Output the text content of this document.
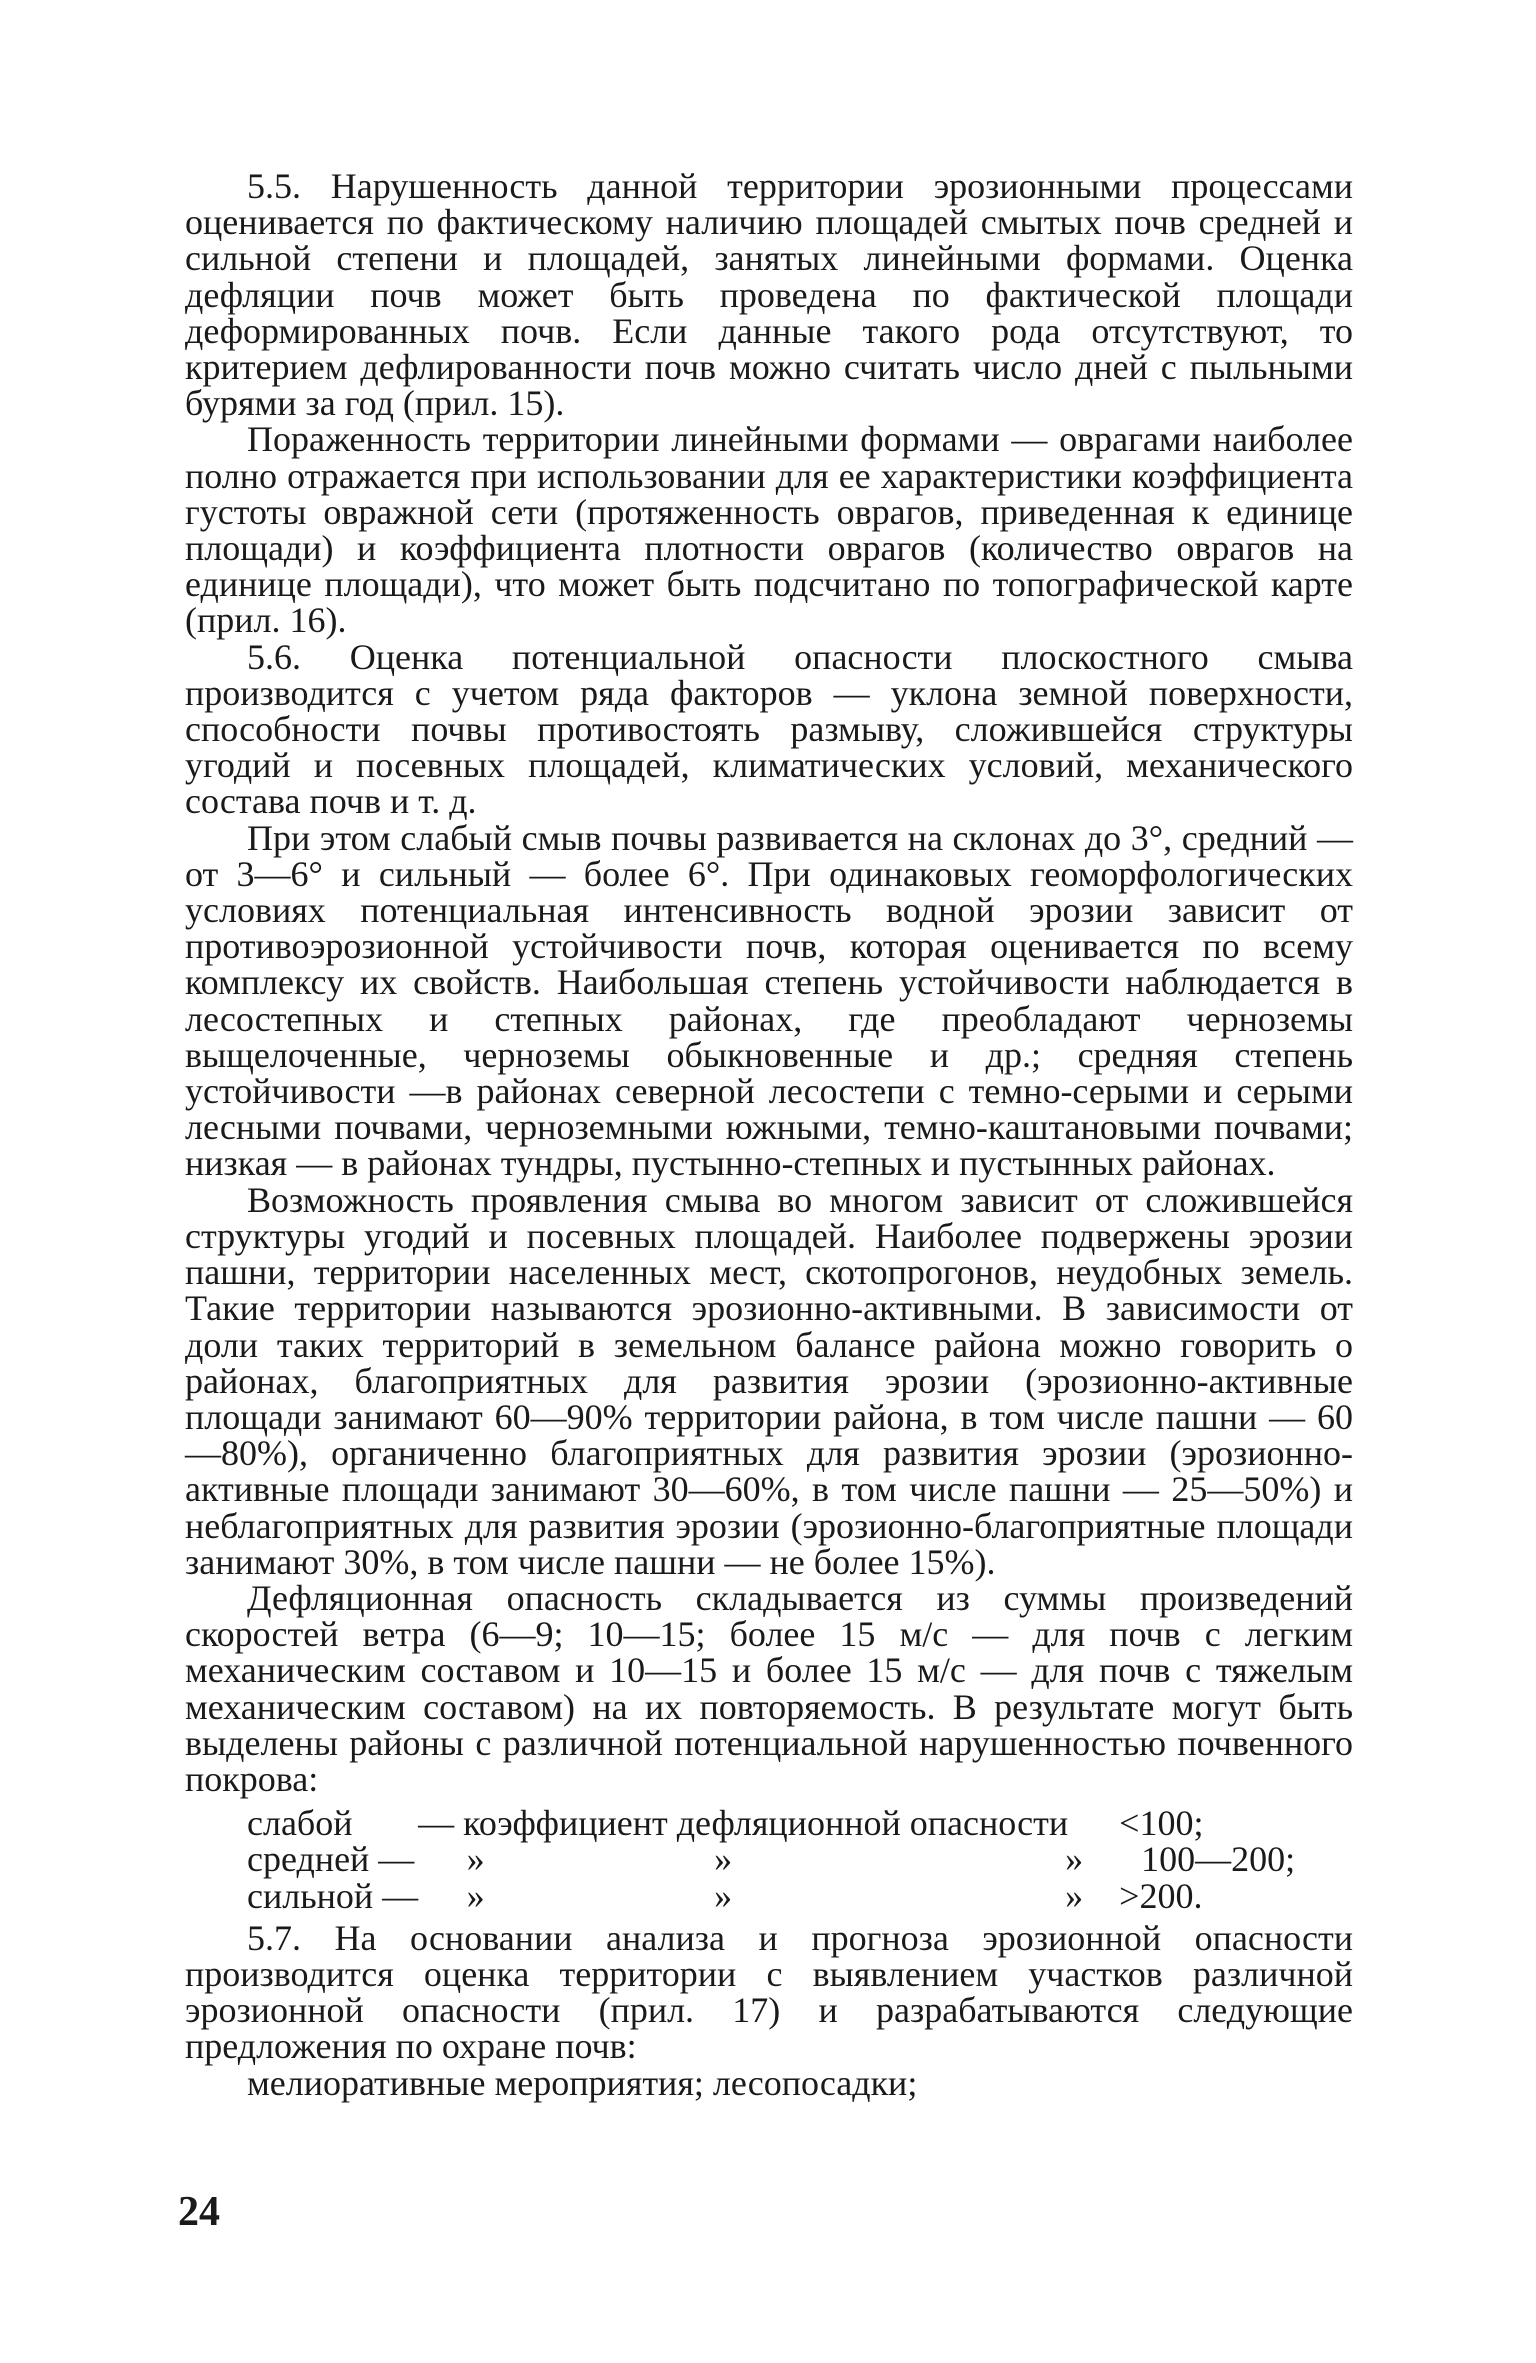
5.5. Нарушенность данной территории эрозионными процессами оценивается по фактическому наличию площадей смытых почв средней и сильной степени и площадей, занятых линейными формами. Оценка дефляции почв может быть проведена по фактической площади деформированных почв. Если данные такого рода отсутствуют, то критерием дефлированности почв можно считать число дней с пыльными бурями за год (прил. 15).

Пораженность территории линейными формами — оврагами наиболее полно отражается при использовании для ее характеристики коэффициента густоты овражной сети (протяженность оврагов, приведенная к единице площади) и коэффициента плотности оврагов (количество оврагов на единице площади), что может быть подсчитано по топографической карте (прил. 16).

5.6. Оценка потенциальной опасности плоскостного смыва производится с учетом ряда факторов — уклона земной поверхности, способности почвы противостоять размыву, сложившейся структуры угодий и посевных площадей, климатических условий, механического состава почв и т. д.

При этом слабый смыв почвы развивается на склонах до 3°, средний — от 3—6° и сильный — более 6°. При одинаковых геоморфологических условиях потенциальная интенсивность водной эрозии зависит от противоэрозионной устойчивости почв, которая оценивается по всему комплексу их свойств. Наибольшая степень устойчивости наблюдается в лесостепных и степных районах, где преобладают черноземы выщелоченные, черноземы обыкновенные и др.; средняя степень устойчивости —в районах северной лесостепи с темно-серыми и серыми лесными почвами, черноземными южными, темно-каштановыми почвами; низкая — в районах тундры, пустынно-степных и пустынных районах.

Возможность проявления смыва во многом зависит от сложившейся структуры угодий и посевных площадей. Наиболее подвержены эрозии пашни, территории населенных мест, скотопрогонов, неудобных земель. Такие территории называются эрозионно-активными. В зависимости от доли таких территорий в земельном балансе района можно говорить о районах, благоприятных для развития эрозии (эрозионно-активные площади занимают 60—90% территории района, в том числе пашни — 60—80%), органиченно благоприятных для развития эрозии (эрозионно-активные площади занимают 30—60%, в том числе пашни — 25—50%) и неблагоприятных для развития эрозии (эрозионно-благоприятные площади занимают 30%, в том числе пашни — не более 15%).

Дефляционная опасность складывается из суммы произведений скоростей ветра (6—9; 10—15; более 15 м/с — для почв с легким механическим составом и 10—15 и более 15 м/с — для почв с тяжелым механическим составом) на их повторяемость. В результате могут быть выделены районы с различной потенциальной нарушенностью почвенного покрова:

слабой	— коэффициент дефляционной опасности			<100;
средней —	»	»	»	100—200;
сильной —	»	»	»	>200.

5.7. На основании анализа и прогноза эрозионной опасности производится оценка территории с выявлением участков различной эрозионной опасности (прил. 17) и разрабатываются следующие предложения по охране почв:

мелиоративные мероприятия; лесопосадки;

24
